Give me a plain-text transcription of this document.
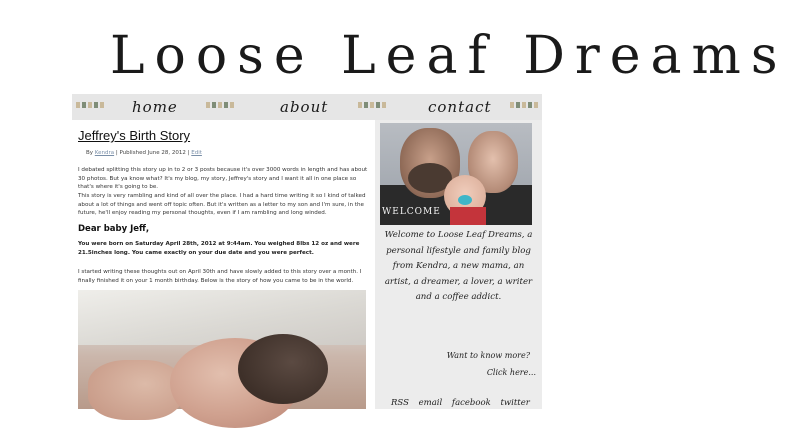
Loose Leaf Dreams
home	about	contact
Jeffrey's Birth Story
By Kendra | Published June 28, 2012 | Edit

I debated splitting this story up in to 2 or 3 posts because it's over 3000 words in length and has about 30 photos. But ya know what? It's my blog, my story, Jeffrey's story and I want it all in one place so that's where it's going to be.

This story is very rambling and kind of all over the place. I had a hard time writing it so I kind of talked about a lot of things and went off topic often. But it's written as a letter to my son and I'm sure, in the future, he'll enjoy reading my personal thoughts, even if I am rambling and long winded.

Dear baby Jeff,

You were born on Saturday April 28th, 2012 at 9:44am. You weighed 8lbs 12 oz and were 21.5inches long. You came exactly on your due date and you were perfect.

I started writing these thoughts out on April 30th and have slowly added to this story over a month. I finally finished it on your 1 month birthday. Below is the story of how you came to be in the world.

WELCOME

Welcome to Loose Leaf Dreams, a personal lifestyle and family blog from Kendra, a new mama, an artist, a dreamer, a lover, a writer and a coffee addict.

Want to know more?
Click here...
RSS email facebook twitter
